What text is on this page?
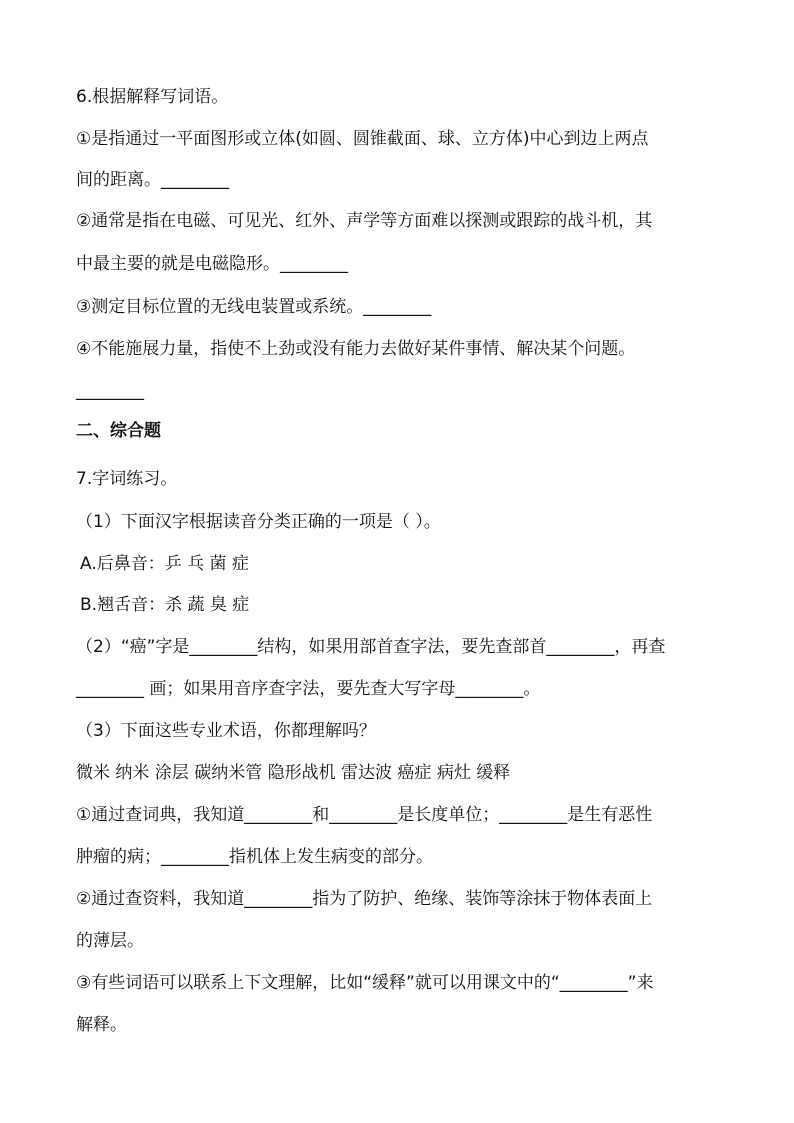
6.根据解释写词语。
①是指通过一平面图形或立体(如圆、圆锥截面、球、立方体)中心到边上两点
间的距离。________
②通常是指在电磁、可见光、红外、声学等方面难以探测或跟踪的战斗机，其
中最主要的就是电磁隐形。________
③测定目标位置的无线电装置或系统。________
④不能施展力量，指使不上劲或没有能力去做好某件事情、解决某个问题。
________
二、综合题
7.字词练习。
（1）下面汉字根据读音分类正确的一项是（ ）。
A.后鼻音：乒 乓 菌 症
B.翘舌音：杀 蔬 臭 症
（2）“癌”字是________结构，如果用部首查字法，要先查部首________，再查
________ 画；如果用音序查字法，要先查大写字母________。
（3）下面这些专业术语，你都理解吗？
微米 纳米 涂层 碳纳米管 隐形战机 雷达波 癌症 病灶 缓释
①通过查词典，我知道________和________是长度单位；________是生有恶性
肿瘤的病；________指机体上发生病变的部分。
②通过查资料，我知道________指为了防护、绝缘、装饰等涂抹于物体表面上
的薄层。
③有些词语可以联系上下文理解，比如“缓释”就可以用课文中的“________”来
解释。
